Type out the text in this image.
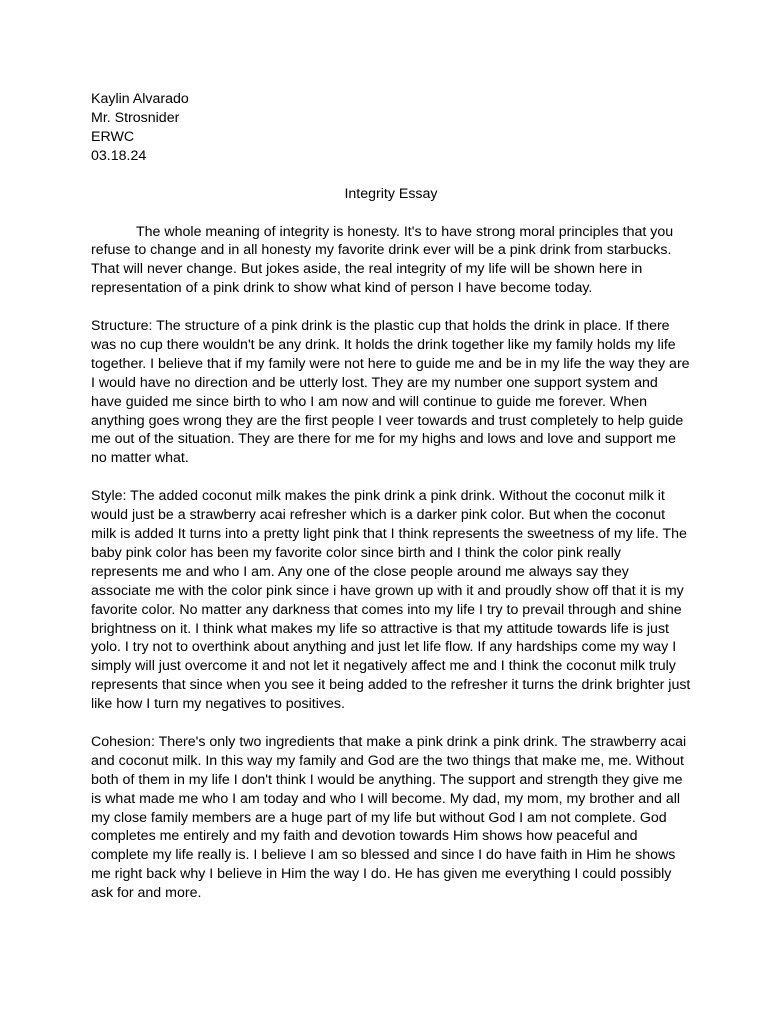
Kaylin Alvarado
Mr. Strosnider
ERWC
03.18.24
Integrity Essay

The whole meaning of integrity is honesty. It's to have strong moral principles that you refuse to change and in all honesty my favorite drink ever will be a pink drink from starbucks. That will never change. But jokes aside, the real integrity of my life will be shown here in representation of a pink drink to show what kind of person I have become today.

Structure: The structure of a pink drink is the plastic cup that holds the drink in place. If there was no cup there wouldn't be any drink. It holds the drink together like my family holds my life together. I believe that if my family were not here to guide me and be in my life the way they are I would have no direction and be utterly lost. They are my number one support system and have guided me since birth to who I am now and will continue to guide me forever. When anything goes wrong they are the first people I veer towards and trust completely to help guide me out of the situation. They are there for me for my highs and lows and love and support me no matter what.

Style: The added coconut milk makes the pink drink a pink drink. Without the coconut milk it would just be a strawberry acai refresher which is a darker pink color. But when the coconut milk is added It turns into a pretty light pink that I think represents the sweetness of my life. The baby pink color has been my favorite color since birth and I think the color pink really represents me and who I am. Any one of the close people around me always say they associate me with the color pink since i have grown up with it and proudly show off that it is my favorite color. No matter any darkness that comes into my life I try to prevail through and shine brightness on it. I think what makes my life so attractive is that my attitude towards life is just yolo. I try not to overthink about anything and just let life flow. If any hardships come my way I simply will just overcome it and not let it negatively affect me and I think the coconut milk truly represents that since when you see it being added to the refresher it turns the drink brighter just like how I turn my negatives to positives.

Cohesion: There's only two ingredients that make a pink drink a pink drink. The strawberry acai and coconut milk. In this way my family and God are the two things that make me, me. Without both of them in my life I don't think I would be anything. The support and strength they give me is what made me who I am today and who I will become. My dad, my mom, my brother and all my close family members are a huge part of my life but without God I am not complete. God completes me entirely and my faith and devotion towards Him shows how peaceful and complete my life really is. I believe I am so blessed and since I do have faith in Him he shows me right back why I believe in Him the way I do. He has given me everything I could possibly ask for and more.
